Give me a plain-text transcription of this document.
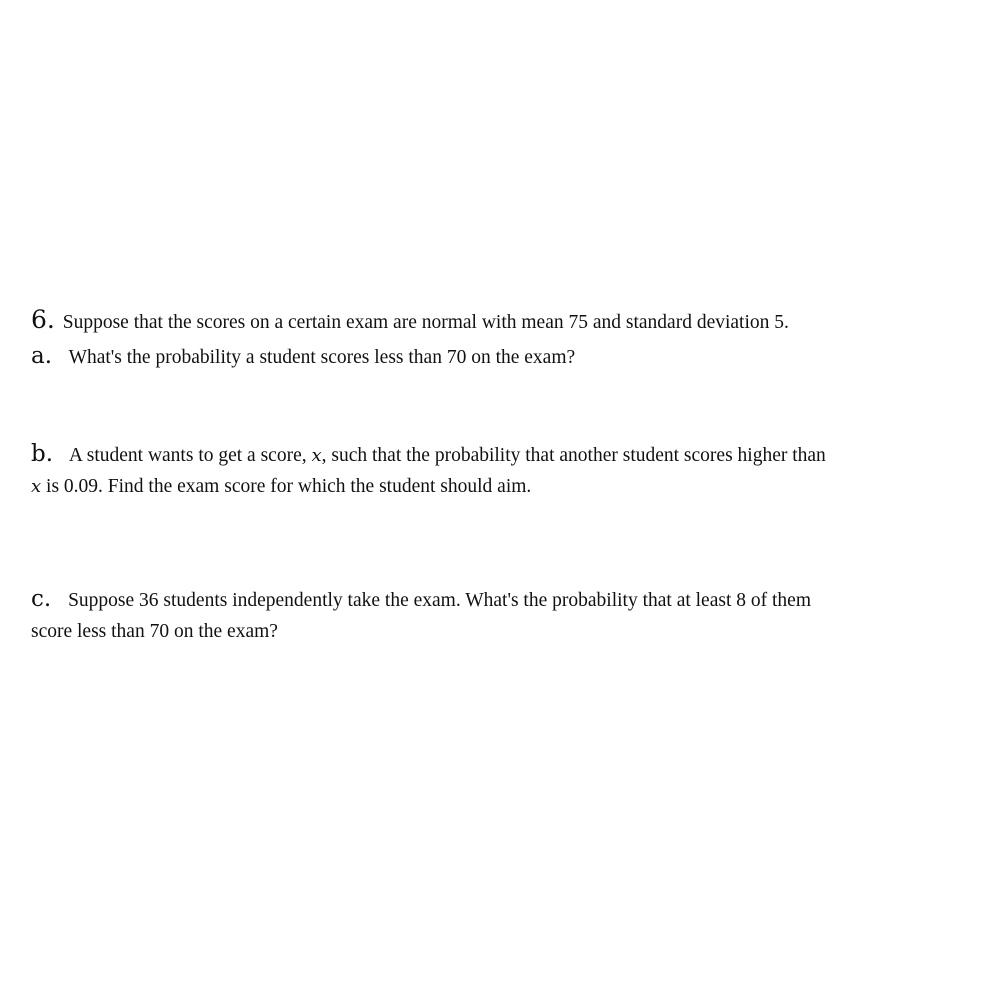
6. Suppose that the scores on a certain exam are normal with mean 75 and standard deviation 5.
a. What's the probability a student scores less than 70 on the exam?
b. A student wants to get a score, x, such that the probability that another student scores higher than
x is 0.09. Find the exam score for which the student should aim.
c. Suppose 36 students independently take the exam. What's the probability that at least 8 of them
score less than 70 on the exam?
